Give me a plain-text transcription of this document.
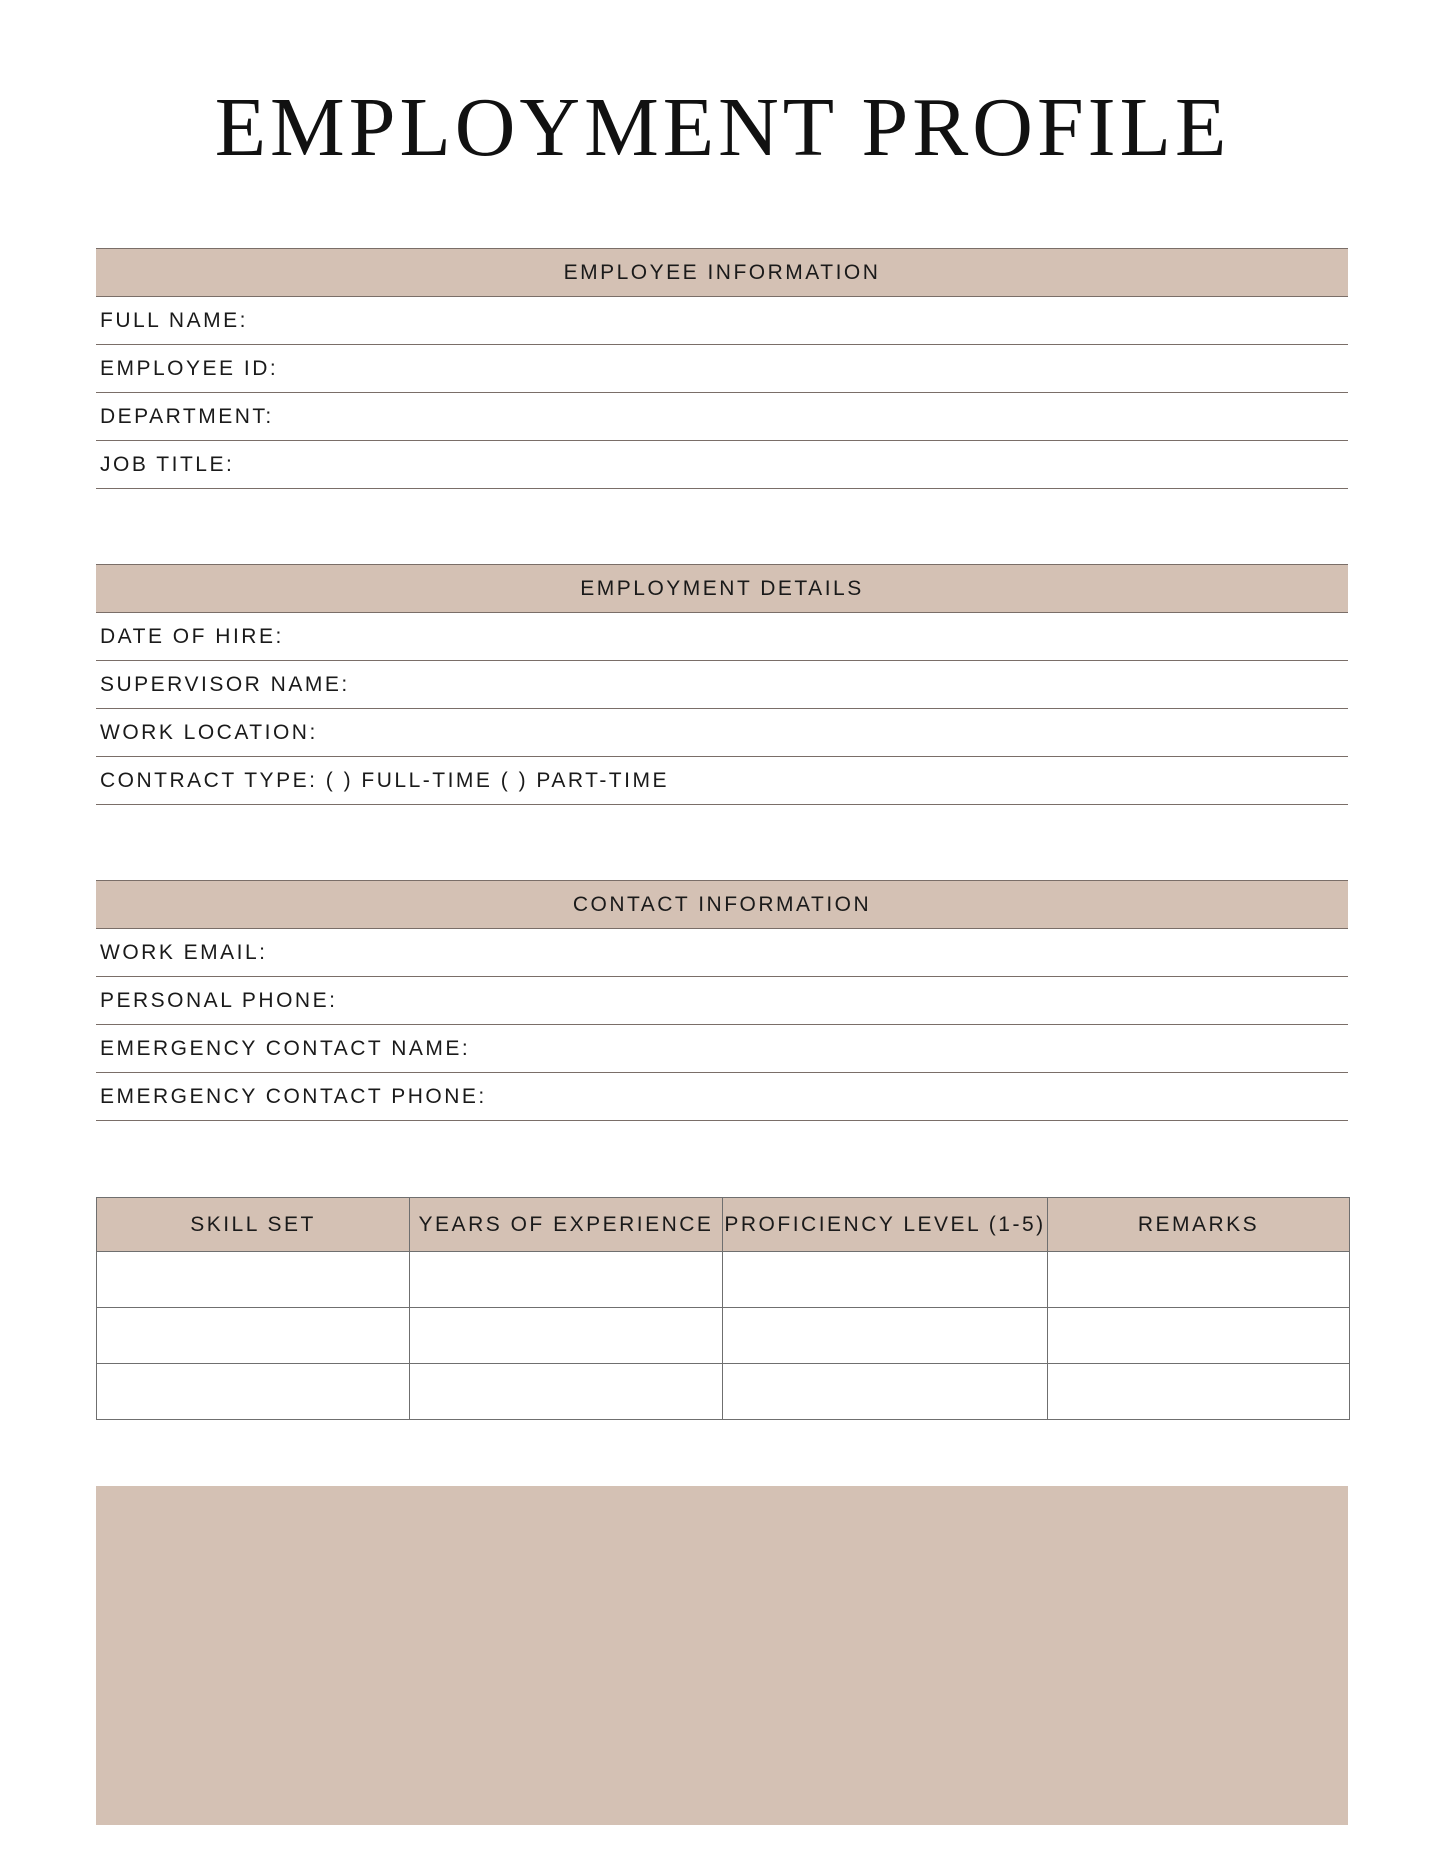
EMPLOYMENT PROFILE
EMPLOYEE INFORMATION
FULL NAME:
EMPLOYEE ID:
DEPARTMENT:
JOB TITLE:
EMPLOYMENT DETAILS
DATE OF HIRE:
SUPERVISOR NAME:
WORK LOCATION:
CONTRACT TYPE: ( ) FULL-TIME ( ) PART-TIME
CONTACT INFORMATION
WORK EMAIL:
PERSONAL PHONE:
EMERGENCY CONTACT NAME:
EMERGENCY CONTACT PHONE:
SKILL SET	YEARS OF EXPERIENCE	PROFICIENCY LEVEL (1-5)	REMARKS
